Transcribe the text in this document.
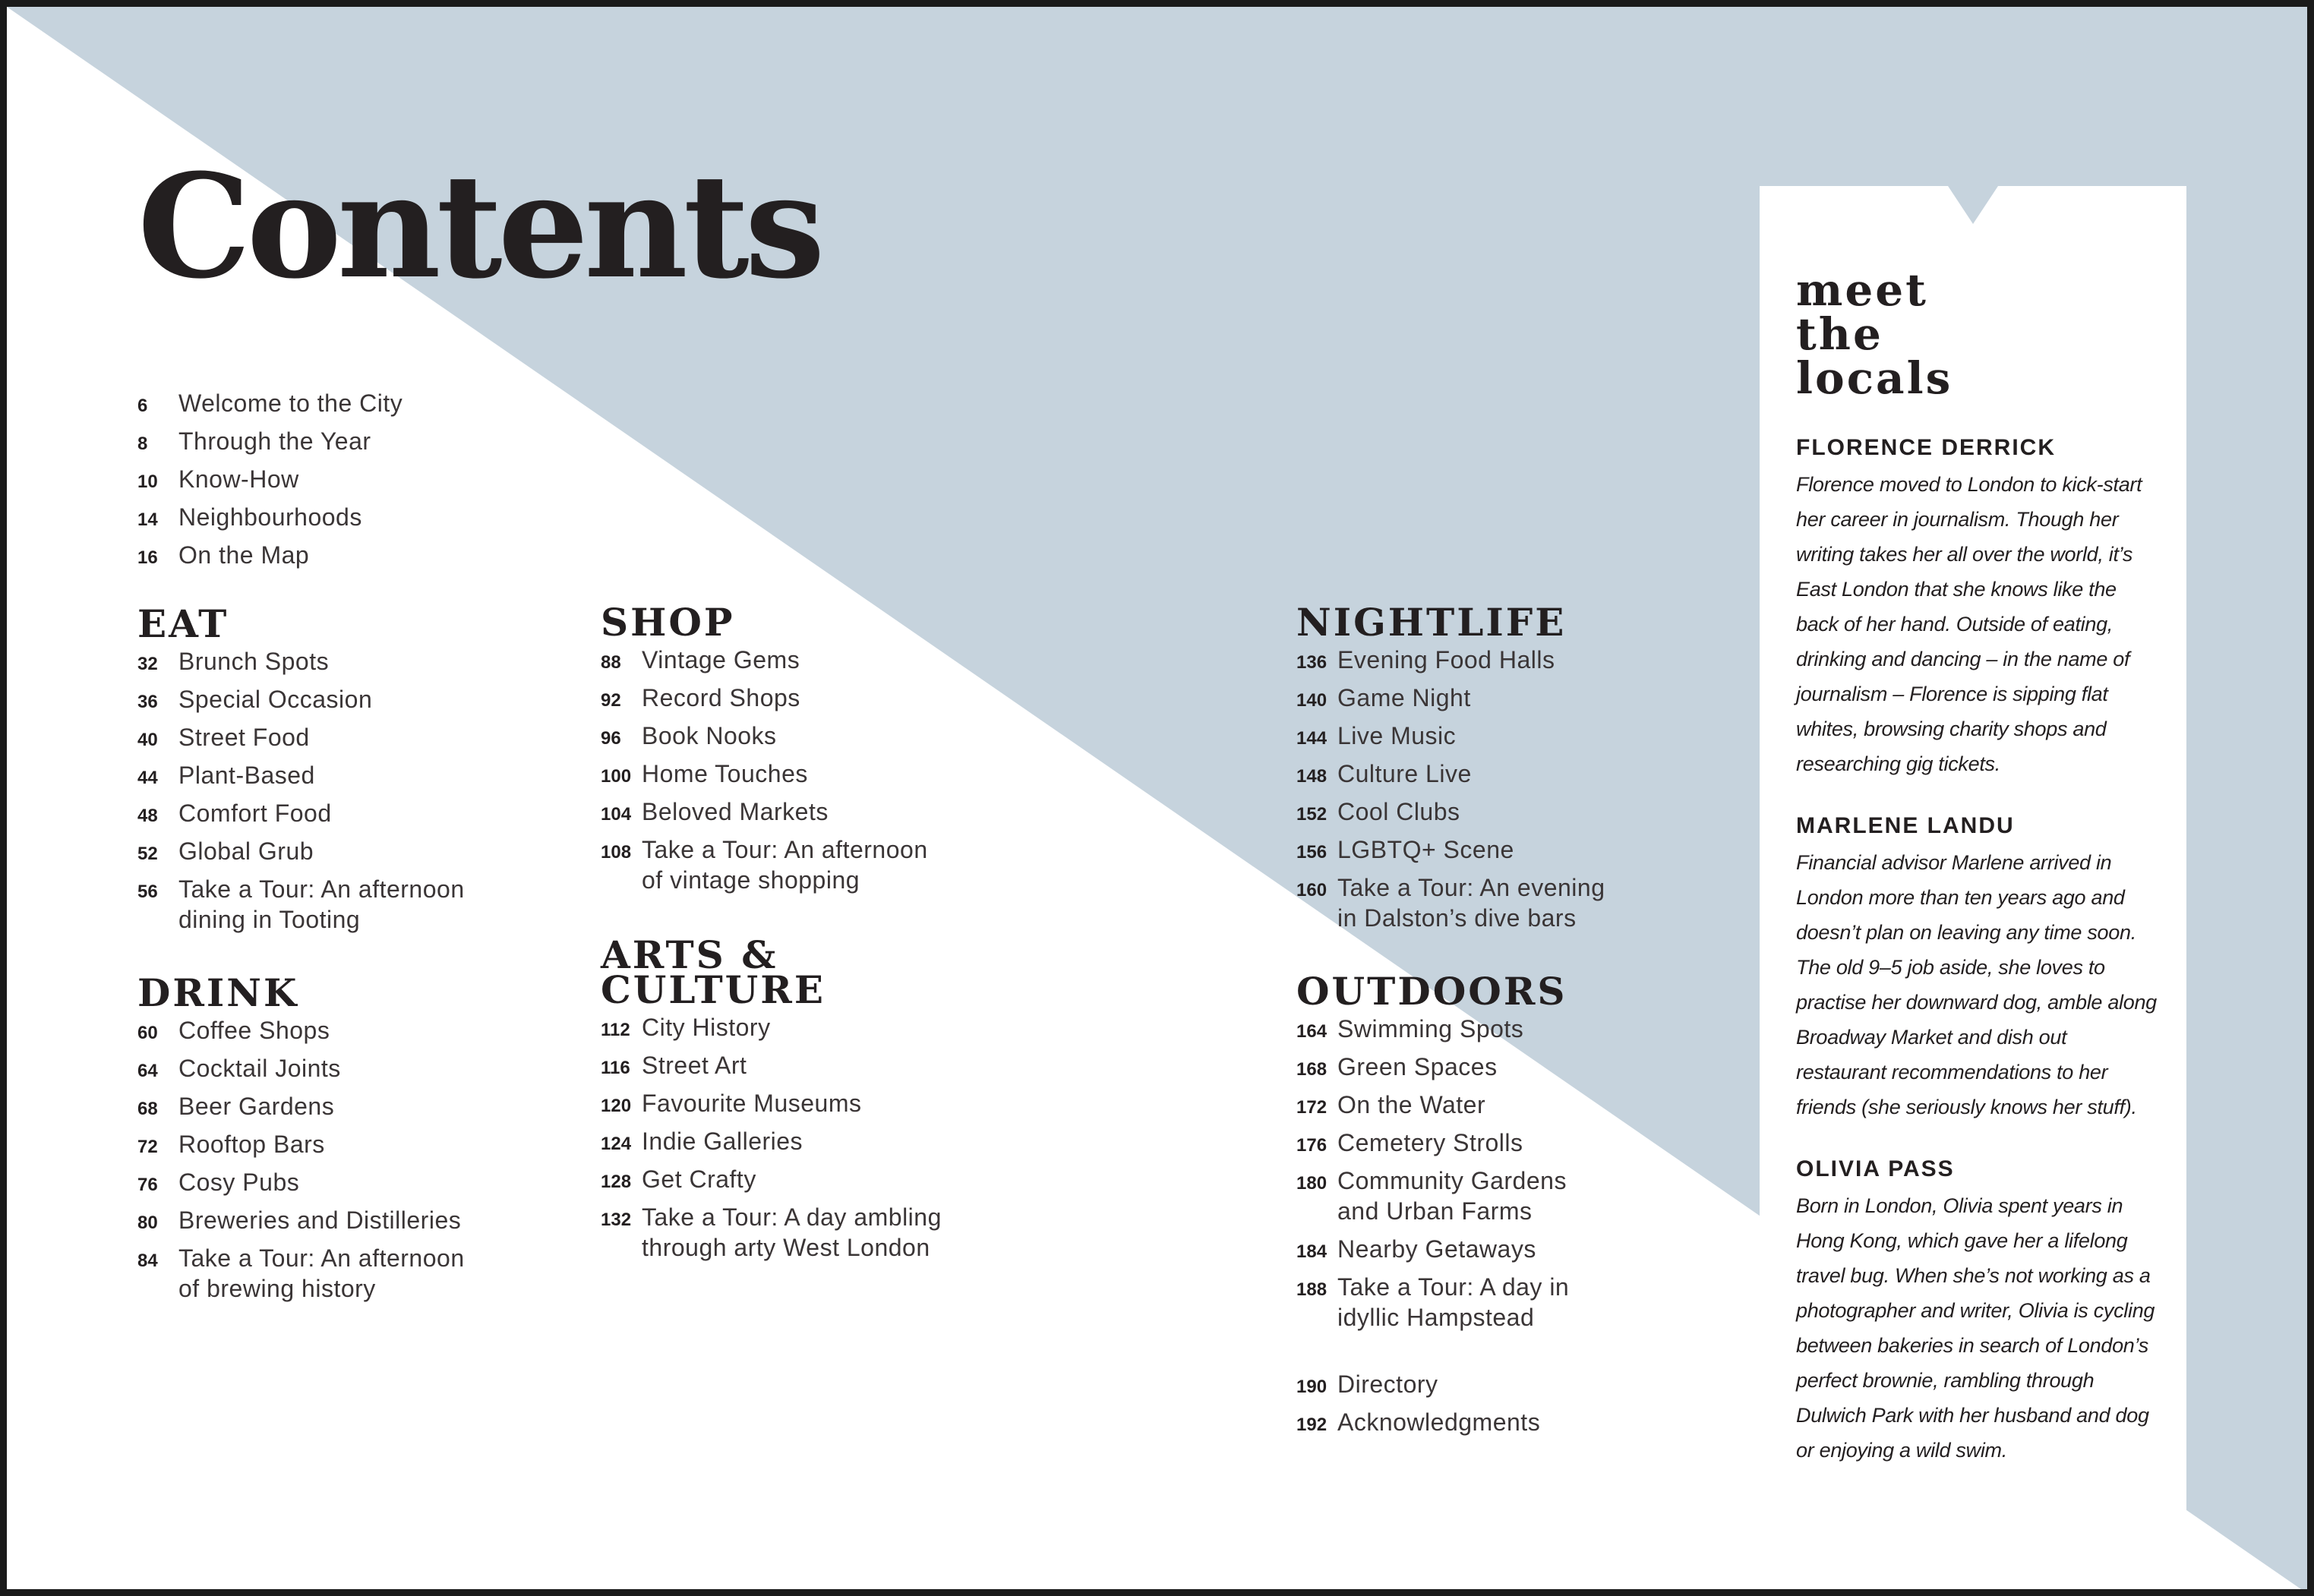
Contents
6	Welcome to the City
8	Through the Year
10 Know-How
14 Neighbourhoods
16 On the Map
EAT
32 Brunch Spots
36 Special Occasion
40 Street Food
44 Plant-Based
48 Comfort Food
52 Global Grub
56 Take a Tour: An afternoon
dining in Tooting
DRINK
60 Coffee Shops
64 Cocktail Joints
68 Beer Gardens
72 Rooftop Bars
76 Cosy Pubs
80 Breweries and Distilleries
84 Take a Tour: An afternoon
of brewing history
SHOP
88 Vintage Gems
92 Record Shops
96 Book Nooks
100 Home Touches
104 Beloved Markets
108 Take a Tour: An afternoon
of vintage shopping
ARTS &
CULTURE
112 City History
116 Street Art
120 Favourite Museums
124 Indie Galleries
128 Get Crafty
132 Take a Tour: A day ambling
through arty West London
NIGHTLIFE
136 Evening Food Halls
140 Game Night
144 Live Music
148 Culture Live
152 Cool Clubs
156 LGBTQ+ Scene
160 Take a Tour: An evening
in Dalston’s dive bars
OUTDOORS
164 Swimming Spots
168 Green Spaces
172 On the Water
176 Cemetery Strolls
180 Community Gardens
and Urban Farms
184 Nearby Getaways
188 Take a Tour: A day in
idyllic Hampstead
190 Directory
192 Acknowledgments
meet
the
locals
FLORENCE DERRICK

Florence moved to London to kick-start her career in journalism. Though her writing takes her all over the world, it’s East London that she knows like the back of her hand. Outside of eating, drinking and dancing – in the name of journalism – Florence is sipping flat whites, browsing charity shops and researching gig tickets.

MARLENE LANDU

Financial advisor Marlene arrived in London more than ten years ago and doesn’t plan on leaving any time soon. The old 9–5 job aside, she loves to practise her downward dog, amble along Broadway Market and dish out restaurant recommendations to her friends (she seriously knows her stuff).

OLIVIA PASS

Born in London, Olivia spent years in Hong Kong, which gave her a lifelong travel bug. When she’s not working as a photographer and writer, Olivia is cycling between bakeries in search of London’s perfect brownie, rambling through Dulwich Park with her husband and dog or enjoying a wild swim.
